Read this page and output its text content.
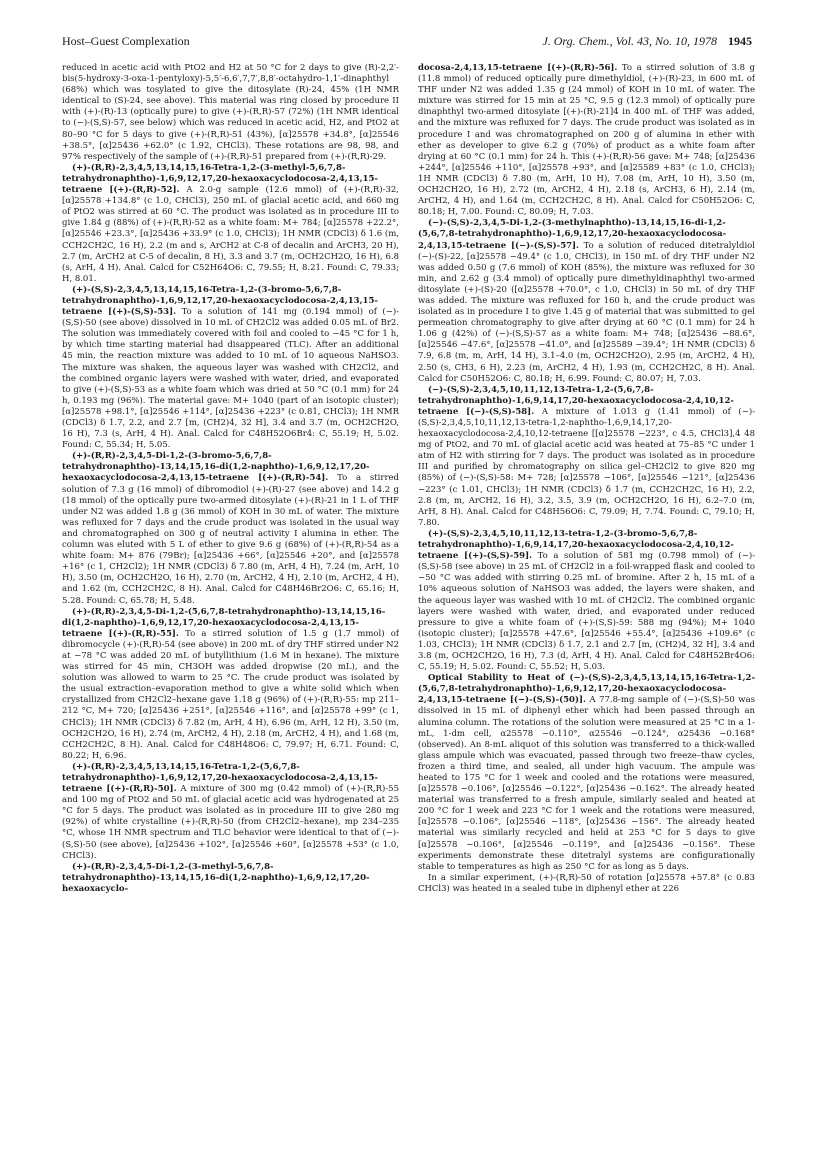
Host–Guest Complexation	J. Org. Chem., Vol. 43, No. 10, 1978 1945

reduced in acetic acid with PtO2 and H2 at 50 °C for 2 days to give (R)-2,2′-bis(5-hydroxy-3-oxa-1-pentyloxy)-5,5′-6,6′,7,7′,8,8′-octahydro-1,1′-dinaphthyl (68%) which was tosylated to give the ditosylate (R)-24, 45% (1H NMR identical to (S)-24, see above). This material was ring closed by procedure II with (+)-(R)-13 (optically pure) to give (+)-(R,R)-57 (72%) (1H NMR identical to (−)-(S,S)-57, see below) which was reduced in acetic acid, H2, and PtO2 at 80–90 °C for 5 days to give (+)-(R,R)-51 (43%), [α]25578 +34.8°, [α]25546 +38.5°, [α]25436 +62.0° (c 1.92, CHCl3). These rotations are 98, 98, and 97% respectively of the sample of (+)-(R,R)-51 prepared from (+)-(R,R)-29.

(+)-(R,R)-2,3,4,5,13,14,15,16-Tetra-1,2-(3-methyl-5,6,7,8-tetrahydronaphtho)-1,6,9,12,17,20-hexaoxacyclodocosa-2,4,13,15-tetraene [(+)-(R,R)-52]. A 2.0-g sample (12.6 mmol) of (+)-(R,R)-32, [α]25578 +134.8° (c 1.0, CHCl3), 250 mL of glacial acetic acid, and 660 mg of PtO2 was stirred at 60 °C. The product was isolated as in procedure III to give 1.84 g (88%) of (+)-(R,R)-52 as a white foam: M+ 784; [α]25578 +22.2°, [α]25546 +23.3°, [α]25436 +33.9° (c 1.0, CHCl3); 1H NMR (CDCl3) δ 1.6 (m, CCH2CH2C, 16 H), 2.2 (m and s, ArCH2 at C-8 of decalin and ArCH3, 20 H), 2.7 (m, ArCH2 at C-5 of decalin, 8 H), 3.3 and 3.7 (m, OCH2CH2O, 16 H), 6.8 (s, ArH, 4 H). Anal. Calcd for C52H64O6: C, 79.55; H, 8.21. Found: C, 79.33; H, 8.01.

(+)-(S,S)-2,3,4,5,13,14,15,16-Tetra-1,2-(3-bromo-5,6,7,8-tetrahydronaphtho)-1,6,9,12,17,20-hexaoxacyclodocosa-2,4,13,15-tetraene [(+)-(S,S)-53]. To a solution of 141 mg (0.194 mmol) of (−)-(S,S)-50 (see above) dissolved in 10 mL of CH2Cl2 was added 0.05 mL of Br2. The solution was immediately covered with foil and cooled to −45 °C for 1 h, by which time starting material had disappeared (TLC). After an additional 45 min, the reaction mixture was added to 10 mL of 10 aqueous NaHSO3. The mixture was shaken, the aqueous layer was washed with CH2Cl2, and the combined organic layers were washed with water, dried, and evaporated to give (+)-(S,S)-53 as a white foam which was dried at 50 °C (0.1 mm) for 24 h, 0.193 mg (96%). The material gave: M+ 1040 (part of an isotopic cluster); [α]25578 +98.1°, [α]25546 +114°, [α]25436 +223° (c 0.81, CHCl3); 1H NMR (CDCl3) δ 1.7, 2.2, and 2.7 [m, (CH2)4, 32 H], 3.4 and 3.7 (m, OCH2CH2O, 16 H), 7.3 (s, ArH, 4 H). Anal. Calcd for C48H52O6Br4: C, 55.19; H, 5.02. Found: C, 55.34; H, 5.05.

(+)-(R,R)-2,3,4,5-Di-1,2-(3-bromo-5,6,7,8-tetrahydronaphtho)-13,14,15,16-di(1,2-naphtho)-1,6,9,12,17,20-hexaoxacyclodocosa-2,4,13,15-tetraene [(+)-(R,R)-54]. To a stirred solution of 7.3 g (16 mmol) of dibromodiol (+)-(R)-27 (see above) and 14.2 g (18 mmol) of the optically pure two-armed ditosylate (+)-(R)-21 in 1 L of THF under N2 was added 1.8 g (36 mmol) of KOH in 30 mL of water. The mixture was refluxed for 7 days and the crude product was isolated in the usual way and chromatographed on 300 g of neutral activity I alumina in ether. The column was eluted with 5 L of ether to give 9.6 g (68%) of (+)-(R,R)-54 as a white foam: M+ 876 (79Br); [α]25436 +66°, [α]25546 +20°, and [α]25578 +16° (c 1, CH2Cl2); 1H NMR (CDCl3) δ 7.80 (m, ArH, 4 H), 7.24 (m, ArH, 10 H), 3.50 (m, OCH2CH2O, 16 H), 2.70 (m, ArCH2, 4 H), 2.10 (m, ArCH2, 4 H), and 1.62 (m, CCH2CH2C, 8 H). Anal. Calcd for C48H46Br2O6: C, 65.16; H, 5.28. Found: C, 65.78; H, 5.48.

(+)-(R,R)-2,3,4,5-Di-1,2-(5,6,7,8-tetrahydronaphtho)-13,14,15,16-di(1,2-naphtho)-1,6,9,12,17,20-hexaoxacyclodocosa-2,4,13,15-tetraene [(+)-(R,R)-55]. To a stirred solution of 1.5 g (1.7 mmol) of dibromocycle (+)-(R,R)-54 (see above) in 200 mL of dry THF stirred under N2 at −78 °C was added 20 mL of butyllithium (1.6 M in hexane). The mixture was stirred for 45 min, CH3OH was added dropwise (20 mL), and the solution was allowed to warm to 25 °C. The crude product was isolated by the usual extraction–evaporation method to give a white solid which when crystallized from CH2Cl2–hexane gave 1.18 g (96%) of (+)-(R,R)-55: mp 211–212 °C, M+ 720; [α]25436 +251°, [α]25546 +116°, and [α]25578 +99° (c 1, CHCl3); 1H NMR (CDCl3) δ 7.82 (m, ArH, 4 H), 6.96 (m, ArH, 12 H), 3.50 (m, OCH2CH2O, 16 H), 2.74 (m, ArCH2, 4 H), 2.18 (m, ArCH2, 4 H), and 1.68 (m, CCH2CH2C, 8 H). Anal. Calcd for C48H48O6: C, 79.97; H, 6.71. Found: C, 80.22; H, 6.96.

(+)-(R,R)-2,3,4,5,13,14,15,16-Tetra-1,2-(5,6,7,8-tetrahydronaphtho)-1,6,9,12,17,20-hexaoxacyclodocosa-2,4,13,15-tetraene [(+)-(R,R)-50]. A mixture of 300 mg (0.42 mmol) of (+)-(R,R)-55 and 100 mg of PtO2 and 50 mL of glacial acetic acid was hydrogenated at 25 °C for 5 days. The product was isolated as in procedure III to give 280 mg (92%) of white crystalline (+)-(R,R)-50 (from CH2Cl2–hexane), mp 234–235 °C, whose 1H NMR spectrum and TLC behavior were identical to that of (−)-(S,S)-50 (see above), [α]25436 +102°, [α]25546 +60°, [α]25578 +53° (c 1.0, CHCl3).

(+)-(R,R)-2,3,4,5-Di-1,2-(3-methyl-5,6,7,8-tetrahydronaphtho)-13,14,15,16-di(1,2-naphtho)-1,6,9,12,17,20-hexaoxacyclo-

docosa-2,4,13,15-tetraene [(+)-(R,R)-56]. To a stirred solution of 3.8 g (11.8 mmol) of reduced optically pure dimethyldiol, (+)-(R)-23, in 600 mL of THF under N2 was added 1.35 g (24 mmol) of KOH in 10 mL of water. The mixture was stirred for 15 min at 25 °C, 9.5 g (12.3 mmol) of optically pure dinaphthyl two-armed ditosylate [(+)-(R)-21]4 in 400 mL of THF was added, and the mixture was refluxed for 7 days. The crude product was isolated as in procedure I and was chromatographed on 200 g of alumina in ether with ether as developer to give 6.2 g (70%) of product as a white foam after drying at 60 °C (0.1 mm) for 24 h. This (+)-(R,R)-56 gave: M+ 748; [α]25436 +244°, [α]25546 +110°, [α]25578 +93°, and [α]25589 +83° (c 1.0, CHCl3); 1H NMR (CDCl3) δ 7.80 (m, ArH, 10 H), 7.08 (m, ArH, 10 H), 3.50 (m, OCH2CH2O, 16 H), 2.72 (m, ArCH2, 4 H), 2.18 (s, ArCH3, 6 H), 2.14 (m, ArCH2, 4 H), and 1.64 (m, CCH2CH2C, 8 H). Anal. Calcd for C50H52O6: C, 80.18; H, 7.00. Found: C, 80.09; H, 7.03.

(−)-(S,S)-2,3,4,5-Di-1,2-(3-methylnaphtho)-13,14,15,16-di-1,2-(5,6,7,8-tetrahydronaphtho)-1,6,9,12,17,20-hexaoxacyclodocosa-2,4,13,15-tetraene [(−)-(S,S)-57]. To a solution of reduced ditetralyldiol (−)-(S)-22, [α]25578 −49.4° (c 1.0, CHCl3), in 150 mL of dry THF under N2 was added 0.50 g (7.6 mmol) of KOH (85%), the mixture was refluxed for 30 min, and 2.62 g (3.4 mmol) of optically pure dimethyldinaphthyl two-armed ditosylate (+)-(S)-20 ([α]25578 +70.0°, c 1.0, CHCl3) in 50 mL of dry THF was added. The mixture was refluxed for 160 h, and the crude product was isolated as in procedure I to give 1.45 g of material that was submitted to gel permeation chromatography to give after drying at 60 °C (0.1 mm) for 24 h 1.06 g (42%) of (−)-(S,S)-57 as a white foam: M+ 748; [α]25436 −88.6°, [α]25546 −47.6°, [α]25578 −41.0°, and [α]25589 −39.4°; 1H NMR (CDCl3) δ 7.9, 6.8 (m, m, ArH, 14 H), 3.1–4.0 (m, OCH2CH2O), 2.95 (m, ArCH2, 4 H), 2.50 (s, CH3, 6 H), 2.23 (m, ArCH2, 4 H), 1.93 (m, CCH2CH2C, 8 H). Anal. Calcd for C50H52O6: C, 80.18; H, 6.99. Found: C, 80.07; H, 7.03.

(−)-(S,S)-2,3,4,5,10,11,12,13-Tetra-1,2-(5,6,7,8-tetrahydronaphtho)-1,6,9,14,17,20-hexaoxacyclodocosa-2,4,10,12-tetraene [(−)-(S,S)-58]. A mixture of 1.013 g (1.41 mmol) of (−)-(S,S)-2,3,4,5,10,11,12,13-tetra-1,2-naphtho-1,6,9,14,17,20-hexaoxacyclodocosa-2,4,10,12-tetraene [[α]25578 −223°, c 4.5, CHCl3],4 48 mg of PtO2, and 70 mL of glacial acetic acid was heated at 75–85 °C under 1 atm of H2 with stirring for 7 days. The product was isolated as in procedure III and purified by chromatography on silica gel–CH2Cl2 to give 820 mg (85%) of (−)-(S,S)-58: M+ 728; [α]25578 −106°, [α]25546 −121°, [α]25436 −223° (c 1.01, CHCl3); 1H NMR (CDCl3) δ 1.7 (m, CCH2CH2C, 16 H), 2.2, 2.8 (m, m, ArCH2, 16 H), 3.2, 3.5, 3.9 (m, OCH2CH2O, 16 H), 6.2–7.0 (m, ArH, 8 H). Anal. Calcd for C48H56O6: C, 79.09; H, 7.74. Found: C, 79.10; H, 7.80.

(+)-(S,S)-2,3,4,5,10,11,12,13-tetra-1,2-(3-bromo-5,6,7,8-tetrahydronaphtho)-1,6,9,14,17,20-hexaoxacyclodocosa-2,4,10,12-tetraene [(+)-(S,S)-59]. To a solution of 581 mg (0.798 mmol) of (−)-(S,S)-58 (see above) in 25 mL of CH2Cl2 in a foil-wrapped flask and cooled to −50 °C was added with stirring 0.25 mL of bromine. After 2 h, 15 mL of a 10% aqueous solution of NaHSO3 was added, the layers were shaken, and the aqueous layer was washed with 10 mL of CH2Cl2. The combined organic layers were washed with water, dried, and evaporated under reduced pressure to give a white foam of (+)-(S,S)-59: 588 mg (94%); M+ 1040 (isotopic cluster); [α]25578 +47.6°, [α]25546 +55.4°, [α]25436 +109.6° (c 1.03, CHCl3); 1H NMR (CDCl3) δ 1.7, 2.1 and 2.7 [m, (CH2)4, 32 H], 3.4 and 3.8 (m, OCH2CH2O, 16 H), 7.3 (d, ArH, 4 H). Anal. Calcd for C48H52Br4O6: C, 55.19; H, 5.02. Found: C, 55.52; H, 5.03.

Optical Stability to Heat of (−)-(S,S)-2,3,4,5,13,14,15,16-Tetra-1,2-(5,6,7,8-tetrahydronaphtho)-1,6,9,12,17,20-hexaoxacyclodocosa-2,4,13,15-tetraene [(−)-(S,S)-(50)]. A 77.8-mg sample of (−)-(S,S)-50 was dissolved in 15 mL of diphenyl ether which had been passed through an alumina column. The rotations of the solution were measured at 25 °C in a 1-mL, 1-dm cell, α25578 −0.110°, α25546 −0.124°, α25436 −0.168° (observed). An 8-mL aliquot of this solution was transferred to a thick-walled glass ampule which was evacuated, passed through two freeze–thaw cycles, frozen a third time, and sealed, all under high vacuum. The ampule was heated to 175 °C for 1 week and cooled and the rotations were measured, [α]25578 −0.106°, [α]25546 −0.122°, [α]25436 −0.162°. The already heated material was transferred to a fresh ampule, similarly sealed and heated at 200 °C for 1 week and 223 °C for 1 week and the rotations were measured, [α]25578 −0.106°, [α]25546 −118°, [α]25436 −156°. The already heated material was similarly recycled and held at 253 °C for 5 days to give [α]25578 −0.106°, [α]25546 −0.119°, and [α]25436 −0.156°. These experiments demonstrate these ditetralyl systems are configurationally stable to temperatures as high as 250 °C for as long as 5 days.

In a similar experiment, (+)-(R,R)-50 of rotation [α]25578 +57.8° (c 0.83 CHCl3) was heated in a sealed tube in diphenyl ether at 226
